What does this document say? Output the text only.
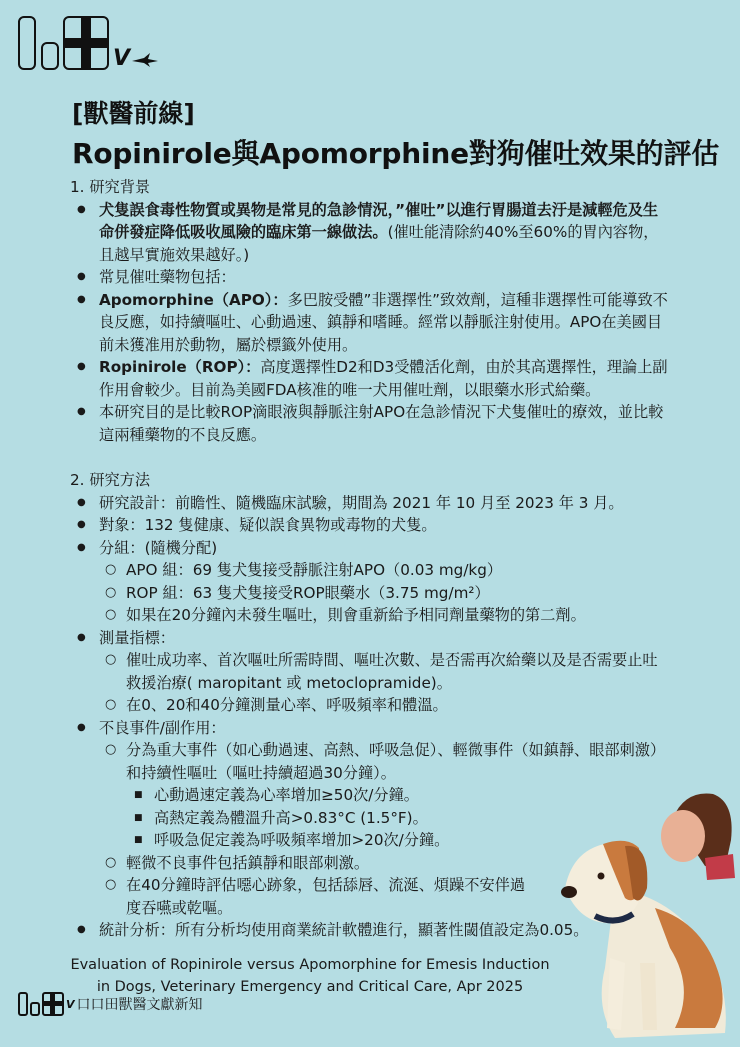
V
[獸醫前線]
Ropinirole與Apomorphine對狗催吐效果的評估
1. 研究背景
● 犬隻誤食毒性物質或異物是常見的急診情況，”催吐”以進行胃腸道去汙是減輕危及生命併發症降低吸收風險的臨床第一線做法。(催吐能清除約40%至60%的胃內容物，且越早實施效果越好。)
● 常見催吐藥物包括：
● Apomorphine（APO）：多巴胺受體”非選擇性”致效劑，這種非選擇性可能導致不良反應，如持續嘔吐、心動過速、鎮靜和嗜睡。經常以靜脈注射使用。APO在美國目前未獲准用於動物，屬於標籤外使用。
● Ropinirole（ROP）：高度選擇性D2和D3受體活化劑，由於其高選擇性，理論上副作用會較少。目前為美國FDA核准的唯一犬用催吐劑，以眼藥水形式給藥。
● 本研究目的是比較ROP滴眼液與靜脈注射APO在急診情況下犬隻催吐的療效，並比較這兩種藥物的不良反應。
2. 研究方法
● 研究設計：前瞻性、隨機臨床試驗，期間為 2021 年 10 月至 2023 年 3 月。
● 對象：132 隻健康、疑似誤食異物或毒物的犬隻。
● 分組：(隨機分配)
○ APO 組：69 隻犬隻接受靜脈注射APO（0.03 mg/kg）
○ ROP 組：63 隻犬隻接受ROP眼藥水（3.75 mg/m²）
○ 如果在20分鐘內未發生嘔吐，則會重新給予相同劑量藥物的第二劑。
● 測量指標：
○ 催吐成功率、首次嘔吐所需時間、嘔吐次數、是否需再次給藥以及是否需要止吐救援治療( maropitant 或 metoclopramide)。
○ 在0、20和40分鐘測量心率、呼吸頻率和體溫。
● 不良事件/副作用：
○ 分為重大事件（如心動過速、高熱、呼吸急促）、輕微事件（如鎮靜、眼部刺激）和持續性嘔吐（嘔吐持續超過30分鐘）。
■ 心動過速定義為心率增加≥50次/分鐘。
■ 高熱定義為體溫升高>0.83°C (1.5°F)。
■ 呼吸急促定義為呼吸頻率增加>20次/分鐘。
○ 輕微不良事件包括鎮靜和眼部刺激。
○ 在40分鐘時評估噁心跡象，包括舔唇、流涎、煩躁不安伴過度吞嚥或乾嘔。
● 統計分析：所有分析均使用商業統計軟體進行，顯著性閾值設定為0.05。
Evaluation of Ropinirole versus Apomorphine for Emesis Induction
in Dogs, Veterinary Emergency and Critical Care, Apr 2025
V 口口田獸醫文獻新知
